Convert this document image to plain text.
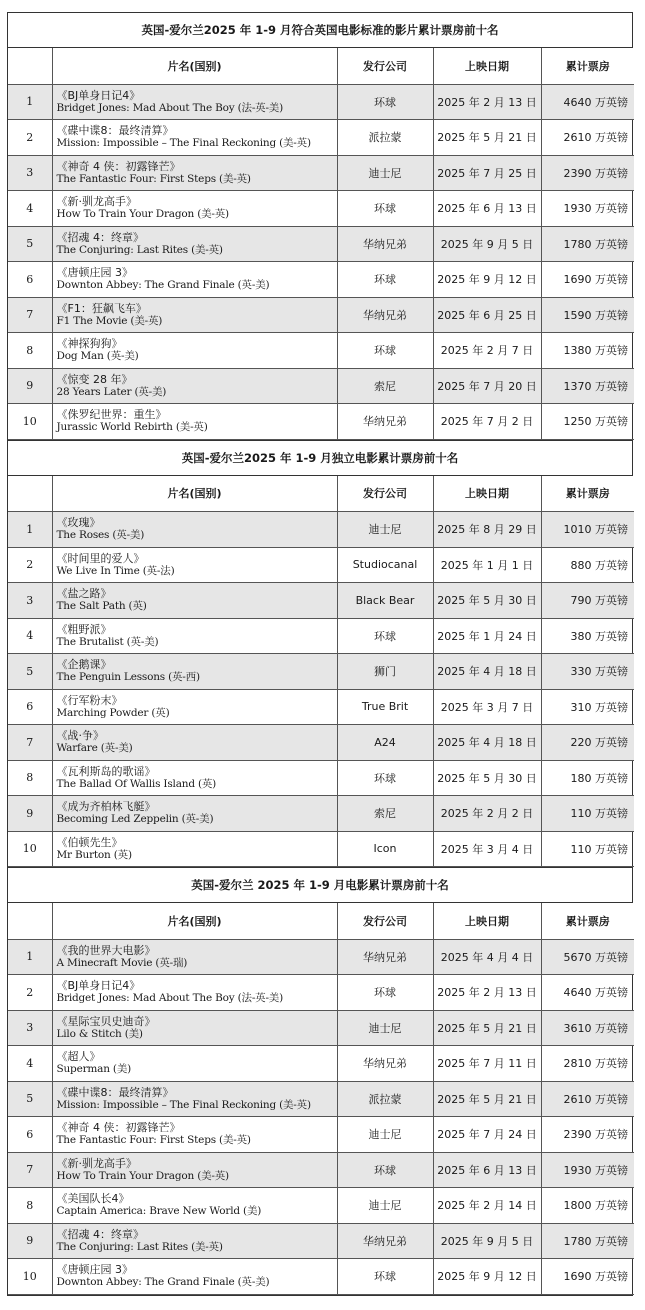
英国-爱尔兰2025 年 1-9 月符合英国电影标准的影片累计票房前十名
	片名(国别)	发行公司	上映日期	累计票房
1	《BJ单身日记4》
Bridget Jones: Mad About The Boy (法-英-美)	环球	2025 年 2 月 13 日	4640 万英镑
2	《碟中谍8：最终清算》
Mission: Impossible – The Final Reckoning (美-英)	派拉蒙	2025 年 5 月 21 日	2610 万英镑
3	《神奇 4 侠：初露锋芒》
The Fantastic Four: First Steps (美-英)	迪士尼	2025 年 7 月 25 日	2390 万英镑
4	《新·驯龙高手》
How To Train Your Dragon (美-英)	环球	2025 年 6 月 13 日	1930 万英镑
5	《招魂 4：终章》
The Conjuring: Last Rites (美-英)	华纳兄弟	2025 年 9 月 5 日	1780 万英镑
6	《唐顿庄园 3》
Downton Abbey: The Grand Finale (英-美)	环球	2025 年 9 月 12 日	1690 万英镑
7	《F1：狂飙飞车》
F1 The Movie (美-英)	华纳兄弟	2025 年 6 月 25 日	1590 万英镑
8	《神探狗狗》
Dog Man (英-美)	环球	2025 年 2 月 7 日	1380 万英镑
9	《惊变 28 年》
28 Years Later (英-美)	索尼	2025 年 7 月 20 日	1370 万英镑
10	《侏罗纪世界：重生》
Jurassic World Rebirth (美-英)	华纳兄弟	2025 年 7 月 2 日	1250 万英镑
英国-爱尔兰2025 年 1-9 月独立电影累计票房前十名
	片名(国别)	发行公司	上映日期	累计票房
1	《玫瑰》
The Roses (英-美)	迪士尼	2025 年 8 月 29 日	1010 万英镑
2	《时间里的爱人》
We Live In Time (英-法)	Studiocanal	2025 年 1 月 1 日	880 万英镑
3	《盐之路》
The Salt Path (英)	Black Bear	2025 年 5 月 30 日	790 万英镑
4	《粗野派》
The Brutalist (英-美)	环球	2025 年 1 月 24 日	380 万英镑
5	《企鹅课》
The Penguin Lessons (英-西)	狮门	2025 年 4 月 18 日	330 万英镑
6	《行军粉末》
Marching Powder (英)	True Brit	2025 年 3 月 7 日	310 万英镑
7	《战·争》
Warfare (英-美)	A24	2025 年 4 月 18 日	220 万英镑
8	《瓦利斯岛的歌谣》
The Ballad Of Wallis Island (英)	环球	2025 年 5 月 30 日	180 万英镑
9	《成为齐柏林飞艇》
Becoming Led Zeppelin (英-美)	索尼	2025 年 2 月 2 日	110 万英镑
10	《伯顿先生》
Mr Burton (英)	Icon	2025 年 3 月 4 日	110 万英镑
英国-爱尔兰 2025 年 1-9 月电影累计票房前十名
	片名(国别)	发行公司	上映日期	累计票房
1	《我的世界大电影》
A Minecraft Movie (英-瑞)	华纳兄弟	2025 年 4 月 4 日	5670 万英镑
2	《BJ单身日记4》
Bridget Jones: Mad About The Boy (法-英-美)	环球	2025 年 2 月 13 日	4640 万英镑
3	《星际宝贝史迪奇》
Lilo & Stitch (美)	迪士尼	2025 年 5 月 21 日	3610 万英镑
4	《超人》
Superman (美)	华纳兄弟	2025 年 7 月 11 日	2810 万英镑
5	《碟中谍8：最终清算》
Mission: Impossible – The Final Reckoning (美-英)	派拉蒙	2025 年 5 月 21 日	2610 万英镑
6	《神奇 4 侠：初露锋芒》
The Fantastic Four: First Steps (美-英)	迪士尼	2025 年 7 月 24 日	2390 万英镑
7	《新·驯龙高手》
How To Train Your Dragon (美-英)	环球	2025 年 6 月 13 日	1930 万英镑
8	《美国队长4》
Captain America: Brave New World (美)	迪士尼	2025 年 2 月 14 日	1800 万英镑
9	《招魂 4：终章》
The Conjuring: Last Rites (美-英)	华纳兄弟	2025 年 9 月 5 日	1780 万英镑
10	《唐顿庄园 3》
Downton Abbey: The Grand Finale (英-美)	环球	2025 年 9 月 12 日	1690 万英镑
